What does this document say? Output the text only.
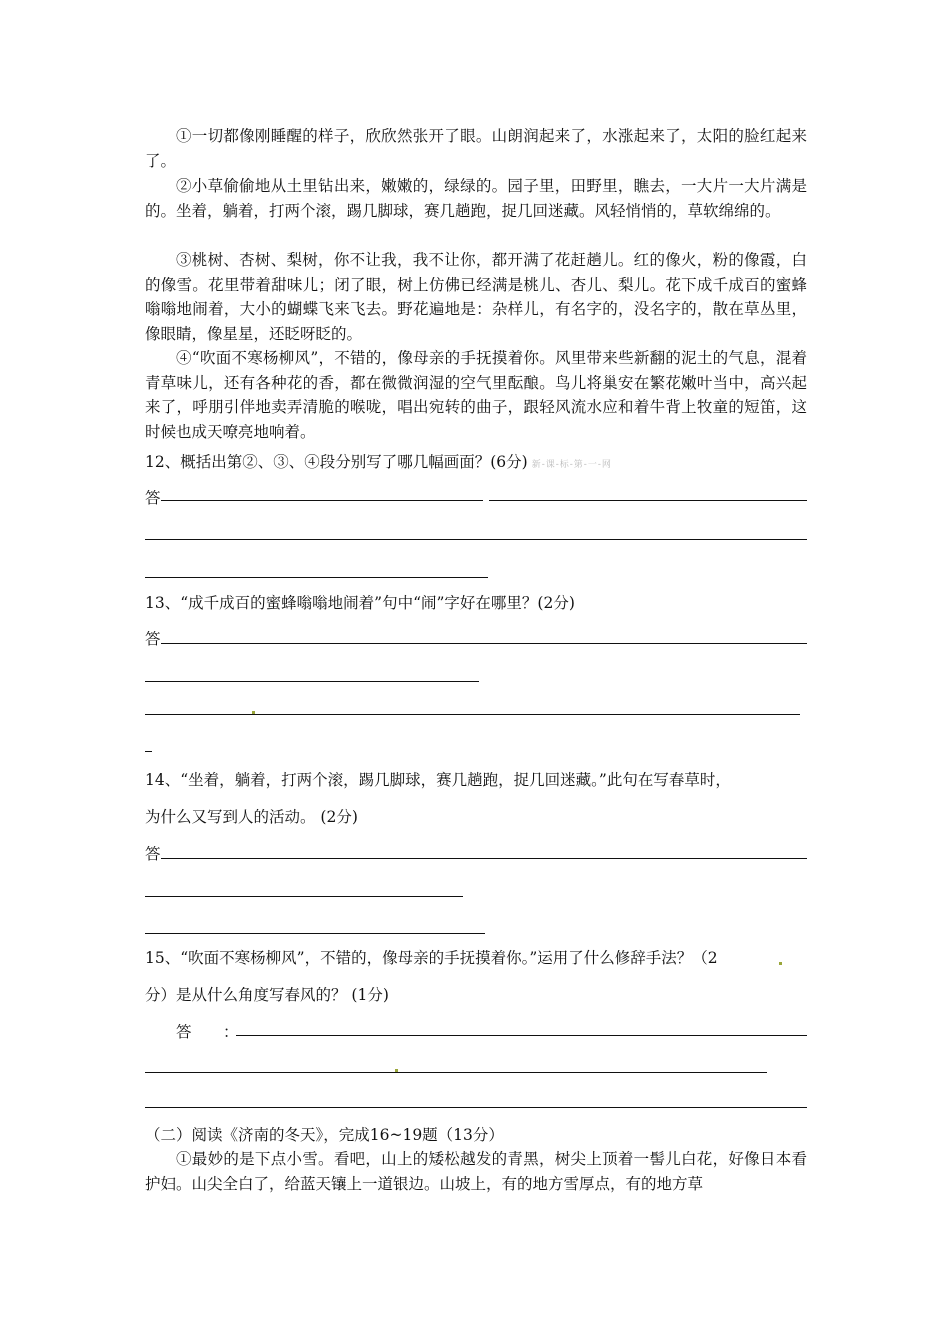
①一切都像刚睡醒的样子，欣欣然张开了眼。山朗润起来了，水涨起来了，太阳的脸红起来了。
②小草偷偷地从土里钻出来，嫩嫩的，绿绿的。园子里，田野里，瞧去，一大片一大片满是的。坐着，躺着，打两个滚，踢几脚球，赛几趟跑，捉几回迷藏。风轻悄悄的，草软绵绵的。
③桃树、杏树、梨树，你不让我，我不让你，都开满了花赶趟儿。红的像火，粉的像霞，白的像雪。花里带着甜味儿；闭了眼，树上仿佛已经满是桃儿、杏儿、梨儿。花下成千成百的蜜蜂嗡嗡地闹着，大小的蝴蝶飞来飞去。野花遍地是：杂样儿，有名字的，没名字的，散在草丛里，像眼睛，像星星，还眨呀眨的。
④“吹面不寒杨柳风”，不错的，像母亲的手抚摸着你。风里带来些新翻的泥土的气息，混着青草味儿，还有各种花的香，都在微微润湿的空气里酝酿。鸟儿将巢安在繁花嫩叶当中，高兴起来了，呼朋引伴地卖弄清脆的喉咙，唱出宛转的曲子，跟轻风流水应和着牛背上牧童的短笛，这时候也成天嘹亮地响着。
12、概括出第②、③、④段分别写了哪几幅画面？(6分) 新-课-标-第-一-网
答
13、“成千成百的蜜蜂嗡嗡地闹着”句中“闹”字好在哪里？(2分)
答
14、“坐着，躺着，打两个滚，踢几脚球，赛几趟跑，捉几回迷藏。”此句在写春草时，
为什么又写到人的活动。 (2分)
答
15、“吹面不寒杨柳风”，不错的，像母亲的手抚摸着你。”运用了什么修辞手法？（2
分）是从什么角度写春风的？ (1分)
答　：
（二）阅读《济南的冬天》，完成16~19题（13分）
①最妙的是下点小雪。看吧，山上的矮松越发的青黑，树尖上顶着一髻儿白花，好像日本看护妇。山尖全白了，给蓝天镶上一道银边。山坡上，有的地方雪厚点，有的地方草
